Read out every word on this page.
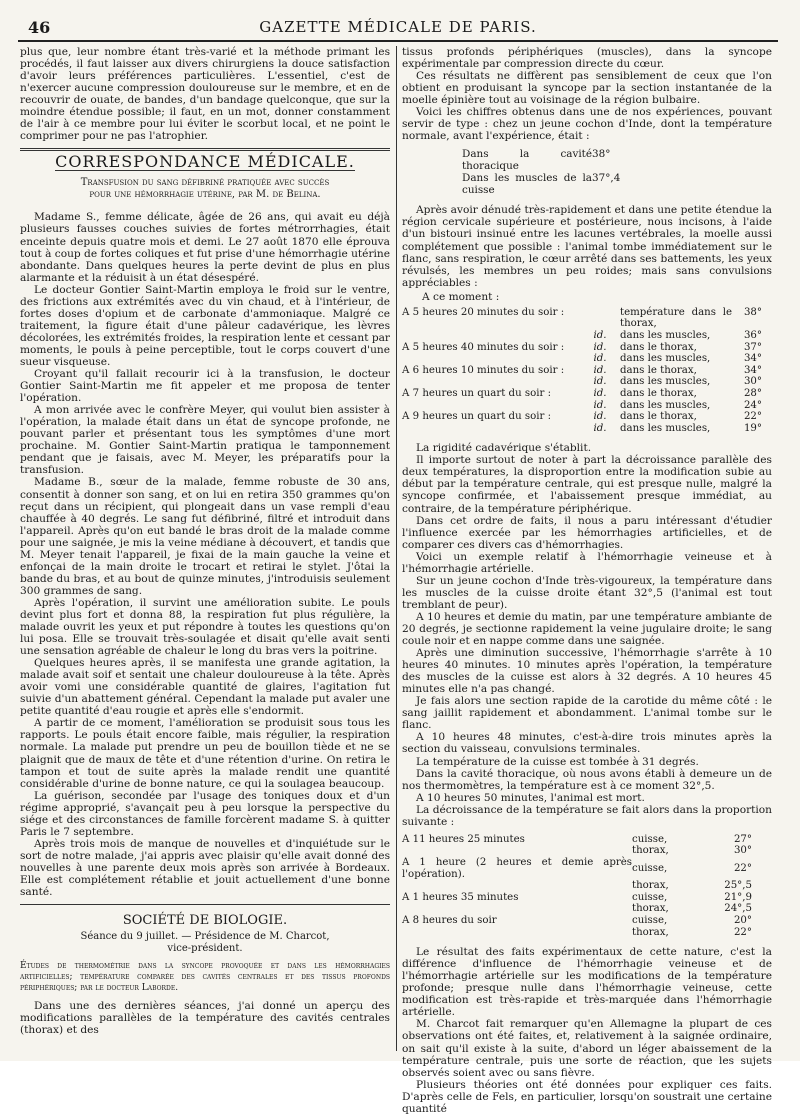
46	GAZETTE MÉDICALE DE PARIS.

plus que, leur nombre étant très-varié et la méthode primant les procédés, il faut laisser aux divers chirurgiens la douce satisfaction d'avoir leurs préférences particulières. L'essentiel, c'est de n'exercer aucune compression douloureuse sur le membre, et en de recouvrir de ouate, de bandes, d'un bandage quelconque, que sur la moindre étendue possible; il faut, en un mot, donner constamment de l'air à ce membre pour lui éviter le scorbut local, et ne point le comprimer pour ne pas l'atrophier.

CORRESPONDANCE MÉDICALE.
Transfusion du sang défibriné pratiquée avec succès
pour une hémorrhagie utérine, par M. de Belina.

Madame S., femme délicate, âgée de 26 ans, qui avait eu déjà plusieurs fausses couches suivies de fortes métrorrhagies, était enceinte depuis quatre mois et demi. Le 27 août 1870 elle éprouva tout à coup de fortes coliques et fut prise d'une hémorrhagie utérine abondante. Dans quelques heures la perte devint de plus en plus alarmante et la réduisit à un état désespéré.

Le docteur Gontier Saint-Martin employa le froid sur le ventre, des frictions aux extrémités avec du vin chaud, et à l'intérieur, de fortes doses d'opium et de carbonate d'ammoniaque. Malgré ce traitement, la figure était d'une pâleur cadavérique, les lèvres décolorées, les extrémités froides, la respiration lente et cessant par moments, le pouls à peine perceptible, tout le corps couvert d'une sueur visqueuse.

Croyant qu'il fallait recourir ici à la transfusion, le docteur Gontier Saint-Martin me fit appeler et me proposa de tenter l'opération.

A mon arrivée avec le confrère Meyer, qui voulut bien assister à l'opération, la malade était dans un état de syncope profonde, ne pouvant parler et présentant tous les symptômes d'une mort prochaine. M. Gontier Saint-Martin pratiqua le tamponnement pendant que je faisais, avec M. Meyer, les préparatifs pour la transfusion.

Madame B., sœur de la malade, femme robuste de 30 ans, consentit à donner son sang, et on lui en retira 350 grammes qu'on reçut dans un récipient, qui plongeait dans un vase rempli d'eau chauffée à 40 degrés. Le sang fut défibriné, filtré et introduit dans l'appareil. Après qu'on eut bandé le bras droit de la malade comme pour une saignée, je mis la veine médiane à découvert, et tandis que M. Meyer tenait l'appareil, je fixai de la main gauche la veine et enfonçai de la main droite le trocart et retirai le stylet. J'ôtai la bande du bras, et au bout de quinze minutes, j'introduisis seulement 300 grammes de sang.

Après l'opération, il survint une amélioration subite. Le pouls devint plus fort et donna 88, la respiration fut plus régulière, la malade ouvrit les yeux et put répondre à toutes les questions qu'on lui posa. Elle se trouvait très-soulagée et disait qu'elle avait senti une sensation agréable de chaleur le long du bras vers la poitrine.

Quelques heures après, il se manifesta une grande agitation, la malade avait soif et sentait une chaleur douloureuse à la tête. Après avoir vomi une considérable quantité de glaires, l'agitation fut suivie d'un abattement général. Cependant la malade put avaler une petite quantité d'eau rougie et après elle s'endormit.

A partir de ce moment, l'amélioration se produisit sous tous les rapports. Le pouls était encore faible, mais régulier, la respiration normale. La malade put prendre un peu de bouillon tiède et ne se plaignit que de maux de tête et d'une rétention d'urine. On retira le tampon et tout de suite après la malade rendit une quantité considérable d'urine de bonne nature, ce qui la soulagea beaucoup.

La guérison, secondée par l'usage des toniques doux et d'un régime approprié, s'avançait peu à peu lorsque la perspective du siége et des circonstances de famille forcèrent madame S. à quitter Paris le 7 septembre.

Après trois mois de manque de nouvelles et d'inquiétude sur le sort de notre malade, j'ai appris avec plaisir qu'elle avait donné des nouvelles à une parente deux mois après son arrivée à Bordeaux. Elle est complétement rétablie et jouit actuellement d'une bonne santé.

SOCIÉTÉ DE BIOLOGIE.
Séance du 9 juillet. — Présidence de M. Charcot,
vice-président.

Études de thermométrie dans la syncope provoquée et dans les hémorrhagies artificielles; température comparée des cavités centrales et des tissus profonds périphériques; par le docteur Laborde.

Dans une des dernières séances, j'ai donné un aperçu des modifications parallèles de la température des cavités centrales (thorax) et des

tissus profonds périphériques (muscles), dans la syncope expérimentale par compression directe du cœur.

Ces résultats ne diffèrent pas sensiblement de ceux que l'on obtient en produisant la syncope par la section instantanée de la moelle épinière tout au voisinage de la région bulbaire.

Voici les chiffres obtenus dans une de nos expériences, pouvant servir de type : chez un jeune cochon d'Inde, dont la température normale, avant l'expérience, était :

Dans la cavité thoracique
38°
Dans les muscles de la cuisse
37°,4

Après avoir dénudé très-rapidement et dans une petite étendue la région cervicale supérieure et postérieure, nous incisons, à l'aide d'un bistouri insinué entre les lacunes vertébrales, la moelle aussi complétement que possible : l'animal tombe immédiatement sur le flanc, sans respiration, le cœur arrêté dans ses battements, les yeux révulsés, les membres un peu roides; mais sans convulsions appréciables :

A ce moment :
A 5 heures 20 minutes du soir :		température dans le thorax,	38°
	id.	dans les muscles,	36°
A 5 heures 40 minutes du soir :	id.	dans le thorax,	37°
	id.	dans les muscles,	34°
A 6 heures 10 minutes du soir :	id.	dans le thorax,	34°
	id.	dans les muscles,	30°
A 7 heures un quart du soir :	id.	dans le thorax,	28°
	id.	dans les muscles,	24°
A 9 heures un quart du soir :	id.	dans le thorax,	22°
	id.	dans les muscles,	19°

La rigidité cadavérique s'établit.

Il importe surtout de noter à part la décroissance parallèle des deux températures, la disproportion entre la modification subie au début par la température centrale, qui est presque nulle, malgré la syncope confirmée, et l'abaissement presque immédiat, au contraire, de la température périphérique.

Dans cet ordre de faits, il nous a paru intéressant d'étudier l'influence exercée par les hémorrhagies artificielles, et de comparer ces divers cas d'hémorrhagies.

Voici un exemple relatif à l'hémorrhagie veineuse et à l'hémorrhagie artérielle.

Sur un jeune cochon d'Inde très-vigoureux, la température dans les muscles de la cuisse droite étant 32°,5 (l'animal est tout tremblant de peur).

A 10 heures et demie du matin, par une température ambiante de 20 degrés, je sectionne rapidement la veine jugulaire droite; le sang coule noir et en nappe comme dans une saignée.

Après une diminution successive, l'hémorrhagie s'arrête à 10 heures 40 minutes. 10 minutes après l'opération, la température des muscles de la cuisse est alors à 32 degrés. A 10 heures 45 minutes elle n'a pas changé.

Je fais alors une section rapide de la carotide du même côté : le sang jaillit rapidement et abondamment. L'animal tombe sur le flanc.

A 10 heures 48 minutes, c'est-à-dire trois minutes après la section du vaisseau, convulsions terminales.

La température de la cuisse est tombée à 31 degrés.

Dans la cavité thoracique, où nous avons établi à demeure un de nos thermomètres, la température est à ce moment 32°,5.

A 10 heures 50 minutes, l'animal est mort.

La décroissance de la température se fait alors dans la proportion suivante :

A 11 heures 25 minutes	cuisse,	27°
	thorax,	30°
A 1 heure (2 heures et demie après l'opération).	cuisse,	22°
	thorax,	25°,5
A 1 heures 35 minutes	cuisse,	21°,9
	thorax,	24°,5
A 8 heures du soir	cuisse,	20°
	thorax,	22°

Le résultat des faits expérimentaux de cette nature, c'est la différence d'influence de l'hémorrhagie veineuse et de l'hémorrhagie artérielle sur les modifications de la température profonde; presque nulle dans l'hémorrhagie veineuse, cette modification est très-rapide et très-marquée dans l'hémorrhagie artérielle.

M. Charcot fait remarquer qu'en Allemagne la plupart de ces observations ont été faites, et, relativement à la saignée ordinaire, on sait qu'il existe à la suite, d'abord un léger abaissement de la température centrale, puis une sorte de réaction, que les sujets observés soient avec ou sans fièvre.

Plusieurs théories ont été données pour expliquer ces faits. D'après celle de Fels, en particulier, lorsqu'on soustrait une certaine quantité
